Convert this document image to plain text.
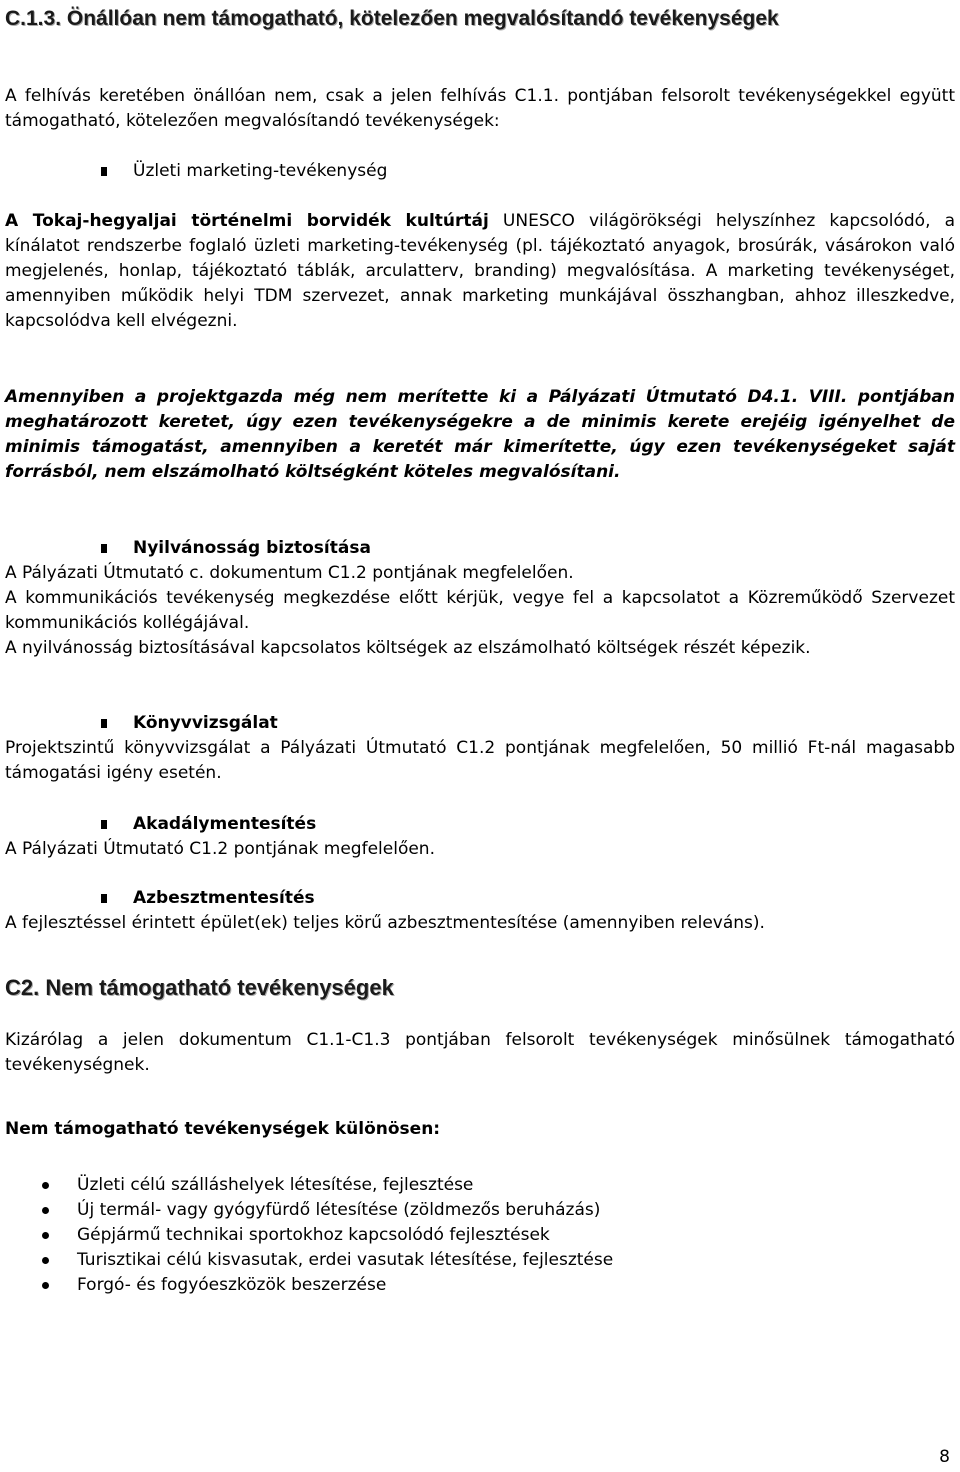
C.1.3. Önállóan nem támogatható, kötelezően megvalósítandó tevékenységek

A felhívás keretében önállóan nem, csak a jelen felhívás C1.1. pontjában felsorolt tevékenységekkel együtt támogatható, kötelezően megvalósítandó tevékenységek:

Üzleti marketing-tevékenység

A Tokaj-hegyaljai történelmi borvidék kultúrtáj UNESCO világörökségi helyszínhez kapcsolódó, a kínálatot rendszerbe foglaló üzleti marketing-tevékenység (pl. tájékoztató anyagok, brosúrák, vásárokon való megjelenés, honlap, tájékoztató táblák, arculatterv, branding) megvalósítása. A marketing tevékenységet, amennyiben működik helyi TDM szervezet, annak marketing munkájával összhangban, ahhoz illeszkedve, kapcsolódva kell elvégezni.

Amennyiben a projektgazda még nem merítette ki a Pályázati Útmutató D4.1. VIII. pontjában meghatározott keretet, úgy ezen tevékenységekre a de minimis kerete erejéig igényelhet de minimis támogatást, amennyiben a keretét már kimerítette, úgy ezen tevékenységeket saját forrásból, nem elszámolható költségként köteles megvalósítani.

Nyilvánosság biztosítása

A Pályázati Útmutató c. dokumentum C1.2 pontjának megfelelően.

A kommunikációs tevékenység megkezdése előtt kérjük, vegye fel a kapcsolatot a Közreműködő Szervezet kommunikációs kollégájával.

A nyilvánosság biztosításával kapcsolatos költségek az elszámolható költségek részét képezik.

Könyvvizsgálat

Projektszintű könyvvizsgálat a Pályázati Útmutató C1.2 pontjának megfelelően, 50 millió Ft-nál magasabb támogatási igény esetén.

Akadálymentesítés

A Pályázati Útmutató C1.2 pontjának megfelelően.

Azbesztmentesítés

A fejlesztéssel érintett épület(ek) teljes körű azbesztmentesítése (amennyiben releváns).

C2. Nem támogatható tevékenységek

Kizárólag a jelen dokumentum C1.1-C1.3 pontjában felsorolt tevékenységek minősülnek támogatható tevékenységnek.

Nem támogatható tevékenységek különösen:

Üzleti célú szálláshelyek létesítése, fejlesztése
Új termál- vagy gyógyfürdő létesítése (zöldmezős beruházás)
Gépjármű technikai sportokhoz kapcsolódó fejlesztések
Turisztikai célú kisvasutak, erdei vasutak létesítése, fejlesztése
Forgó- és fogyóeszközök beszerzése
8
